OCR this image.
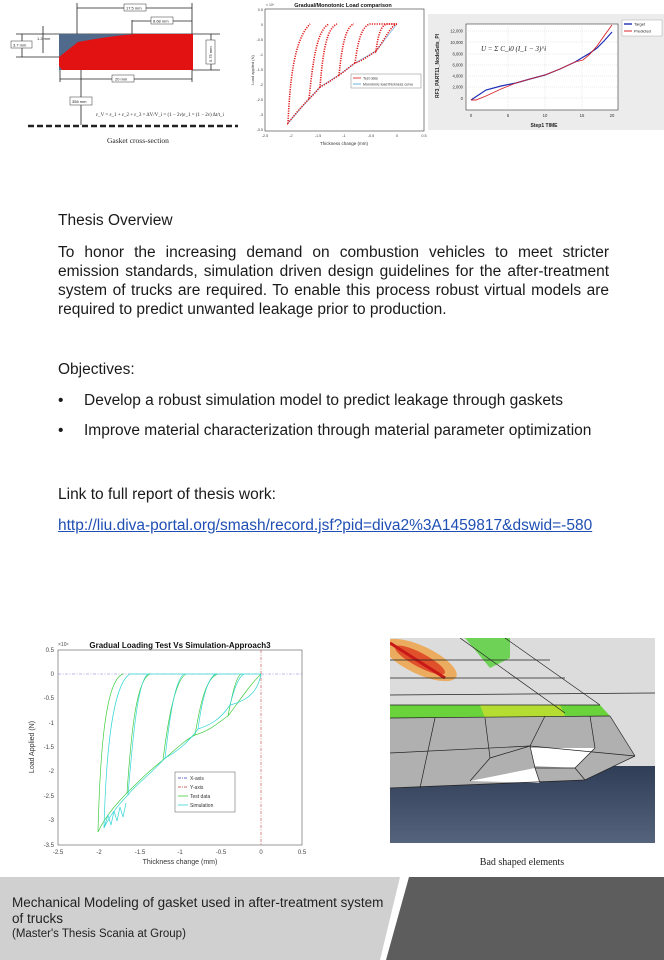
17.5 mm
8.68 mm
3.7 mm
1.2 mm
5.75 mm
20 mm
356 mm
ε_V = ε_1 + ε_2 + ε_3 = ΔV/V_i = (1 − 2ν)ε_1 = (1 − 2ν) Δt/t_i
Gasket cross-section
Gradual/Monotonic Load comparison
× 10⁴
0.5
0
-0.5
-1
-1.5
-2
-2.5
-3
-3.5
-2.5	-2	-1.5	-1	-0.5	0	0.5
Thickness change (mm)
Load applied (N)	Test data
Monotonic load thickness curve
12,000
10,000
8,000
6,000
4,000
2,000
0
0	5	10	15	20
Step1 TIME
RF3_PART11_NodeSets_Pl	U = Σ C_i0 (I_1 − 3)^i
Target
Predicted
Thesis Overview
To honor the increasing demand on combustion vehicles to meet stricter emission standards, simulation driven design guidelines for the after-treatment system of trucks are required. To enable this process robust virtual models are required to predict unwanted leakage prior to production.
Objectives:
• Develop a robust simulation model to predict leakage through gaskets
• Improve material characterization through material parameter optimization
Link to full report of thesis work:
http://liu.diva-portal.org/smash/record.jsf?pid=diva2%3A1459817&dswid=-580
Gradual Loading Test Vs Simulation-Approach3
×10⁴
0.5
0
-0.5
-1
-1.5
-2
-2.5
-3
-3.5
-2.5	-2	-1.5	-1	-0.5	0	0.5
Thickness change (mm)
Load Applied (N)
X-axis
Y-axis
Test data
Simulation
Bad shaped elements
Mechanical Modeling of gasket used in after-treatment system of trucks
(Master's Thesis Scania at Group)
